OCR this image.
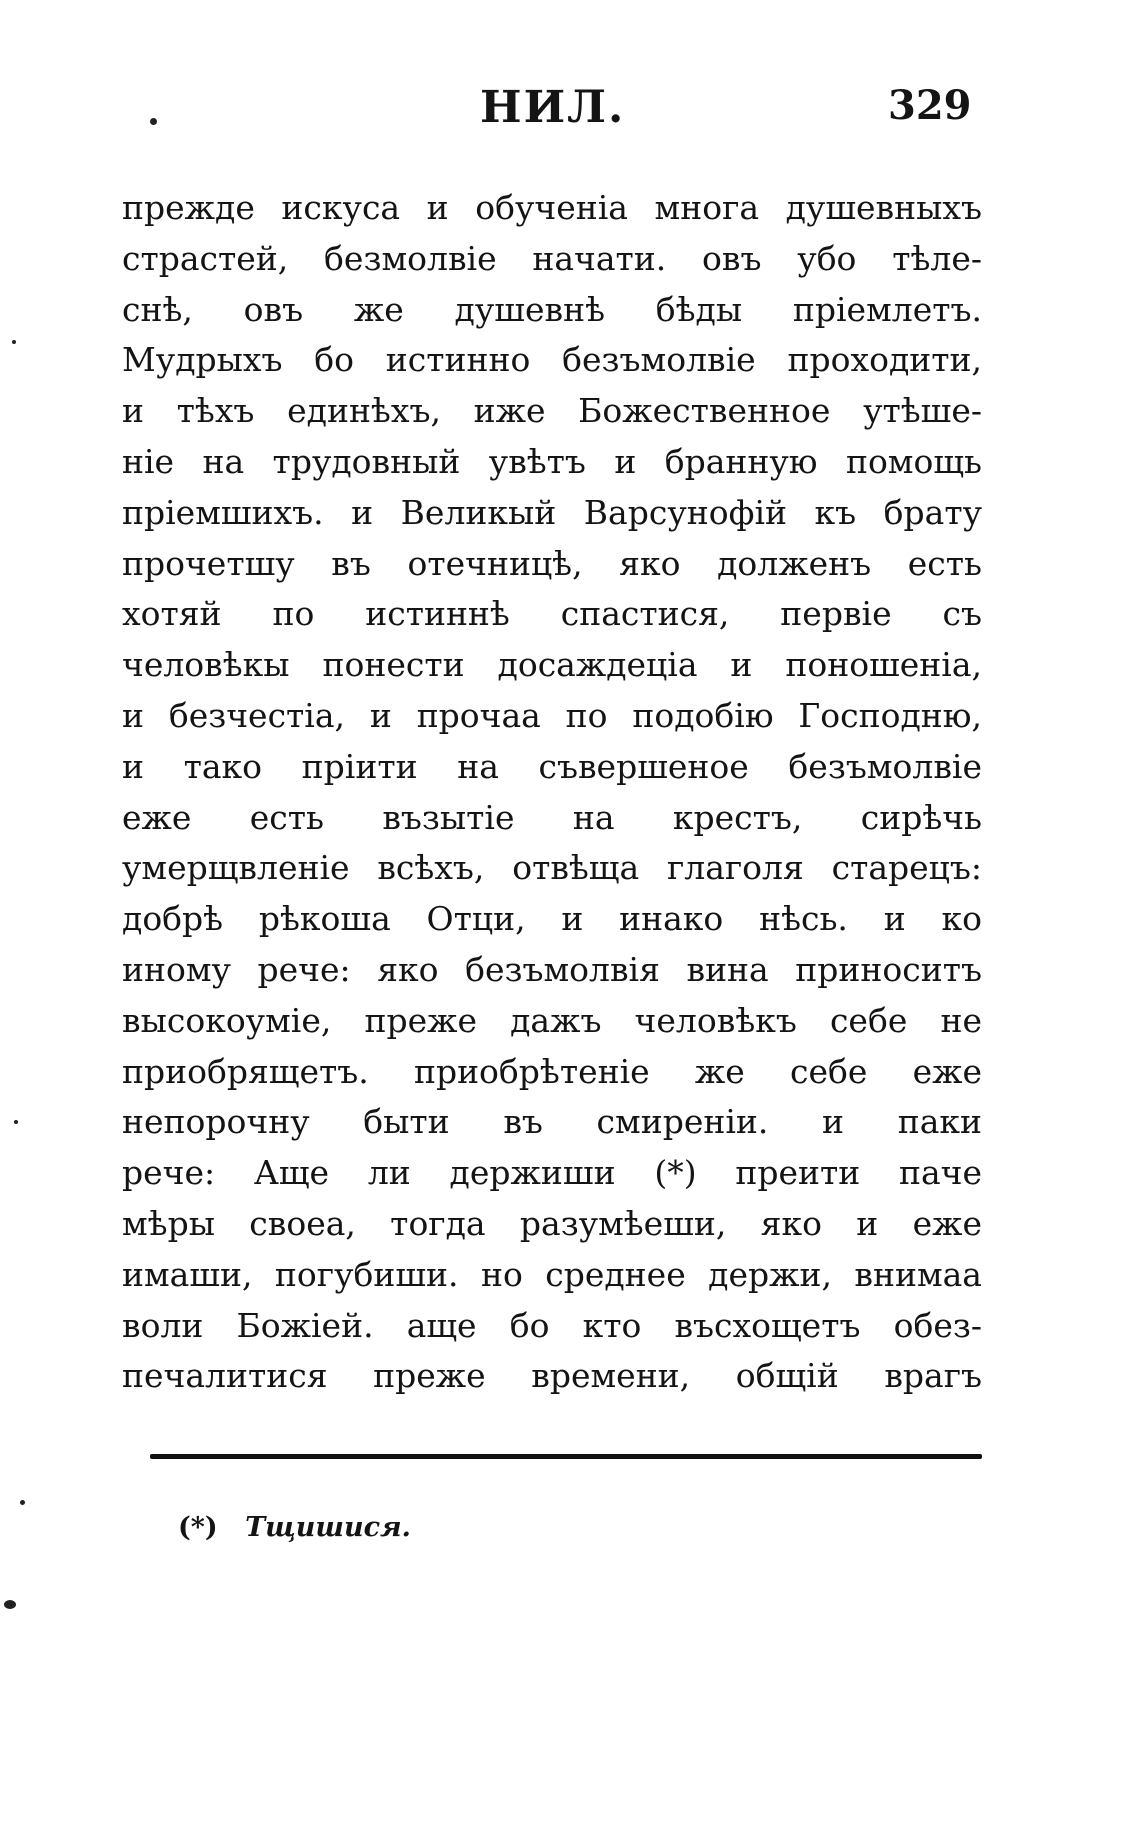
НИЛ.	329
прежде искуса и обученіа многа душевныхъ
страстей, безмолвіе начати. овъ убо тѣле-
снѣ, овъ же душевнѣ бѣды пріемлетъ.
Мудрыхъ бо истинно безъмолвіе проходити,
и тѣхъ единѣхъ, иже Божественное утѣше-
ніе на трудовный увѣтъ и бранную помощь
пріемшихъ. и Великый Варсунофій къ брату
прочетшу въ отечницѣ, яко долженъ есть
хотяй по истиннѣ спастися, первіе съ
человѣкы понести досаждеціа и поношеніа,
и безчестіа, и прочаа по подобію Господню,
и тако пріити на съвершеное безъмолвіе
еже есть възытіе на крестъ, сирѣчь
умерщвленіе всѣхъ, отвѣща глаголя старецъ:
добрѣ рѣкоша Отци, и инако нѣсь. и ко
иному рече: яко безъмолвія вина приноситъ
высокоуміе, преже дажъ человѣкъ себе не
приобрящетъ. приобрѣтеніе же себе еже
непорочну быти въ смиреніи. и паки
рече: Аще ли держиши (*) преити паче
мѣры своеа, тогда разумѣеши, яко и еже
имаши, погубиши. но среднее держи, внимаа
воли Божіей. аще бо кто въсхощетъ обез-
печалитися преже времени, общій врагъ
(*) Тщишися.
